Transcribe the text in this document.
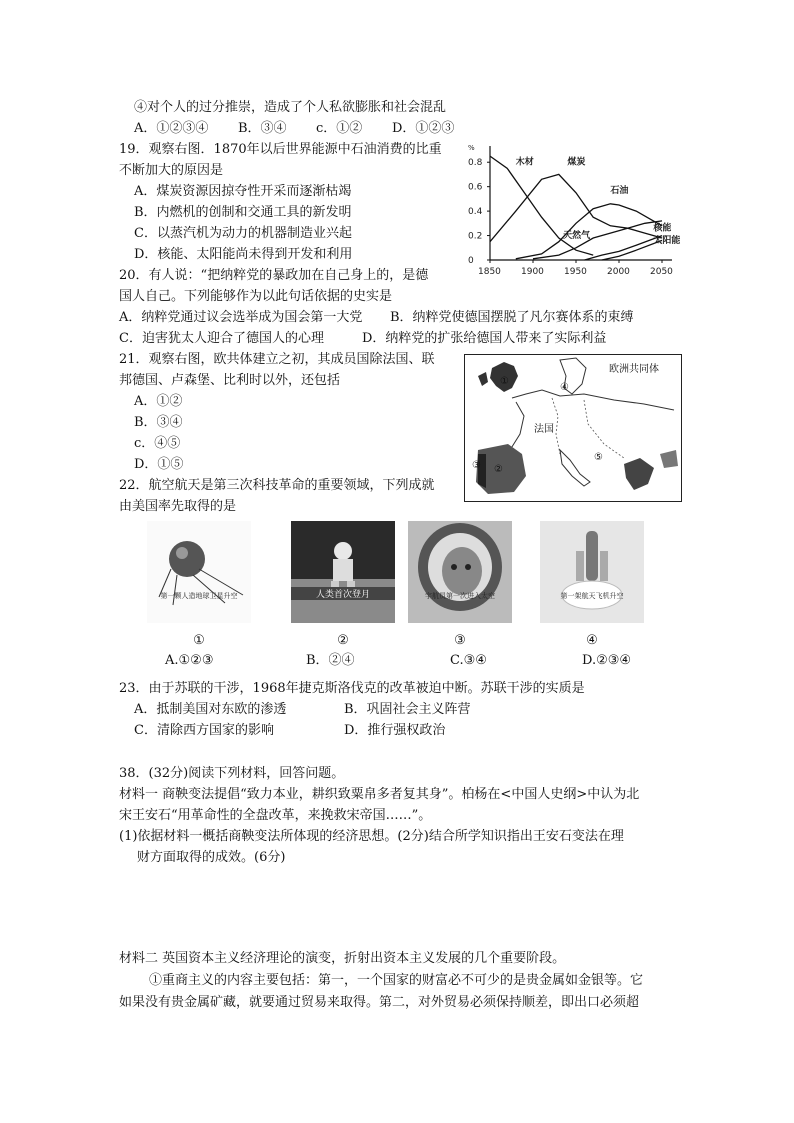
④对个人的过分推崇，造成了个人私欲膨胀和社会混乱
A．①②③④ B．③④ c．①② D．①②③
19．观察右图．1870年以后世界能源中石油消费的比重
不断加大的原因是
A．煤炭资源因掠夺性开采而逐渐枯竭
B．内燃机的创制和交通工具的新发明
C．以蒸汽机为动力的机器制造业兴起
D．核能、太阳能尚未得到开发和利用
%
0
0.2
0.4
0.6
0.8
1850 1900 1950 2000 2050
木材	煤炭
石油
天然气
核能
太阳能
20．有人说：“把纳粹党的暴政加在自己身上的，是德
国人自己。下列能够作为以此句话依据的史实是
A．纳粹党通过议会选举成为国会第一大党 B．纳粹党使德国摆脱了凡尔赛体系的束缚
C．迫害犹太人迎合了德国人的心理	D．纳粹党的扩张给德国人带来了实际利益
21．观察右图，欧共体建立之初，其成员国除法国、联
邦德国、卢森堡、比利时以外，还包括
A．①②
B．③④
c．④⑤
D．①⑤
欧洲共同体
法国
①
④
②
③
⑤
22．航空航天是第三次科技革命的重要领域，下列成就
由美国率先取得的是
第一颗人造地球卫星升空	人类首次登月	宇航员第一次进入太空	第一架航天飞机升空
①	②	③	④
A.①②③	B．②④	C.③④	D.②③④
23．由于苏联的干涉，1968年捷克斯洛伐克的改革被迫中断。苏联干涉的实质是
A．抵制美国对东欧的渗透	B．巩固社会主义阵营
C．清除西方国家的影响	D．推行强权政治
38．(32分)阅读下列材料，回答问题。
材料一 商鞅变法提倡“致力本业，耕织致粟帛多者复其身”。柏杨在<中国人史纲>中认为北
宋王安石“用革命性的全盘改革，来挽救宋帝国……”。
(1)依据材料一概括商鞅变法所体现的经济思想。(2分)结合所学知识指出王安石变法在理
财方面取得的成效。(6分)
材料二 英国资本主义经济理论的演变，折射出资本主义发展的几个重要阶段。
①重商主义的内容主要包括：第一，一个国家的财富必不可少的是贵金属如金银等。它
如果没有贵金属矿藏，就要通过贸易来取得。第二，对外贸易必须保持顺差，即出口必须超
